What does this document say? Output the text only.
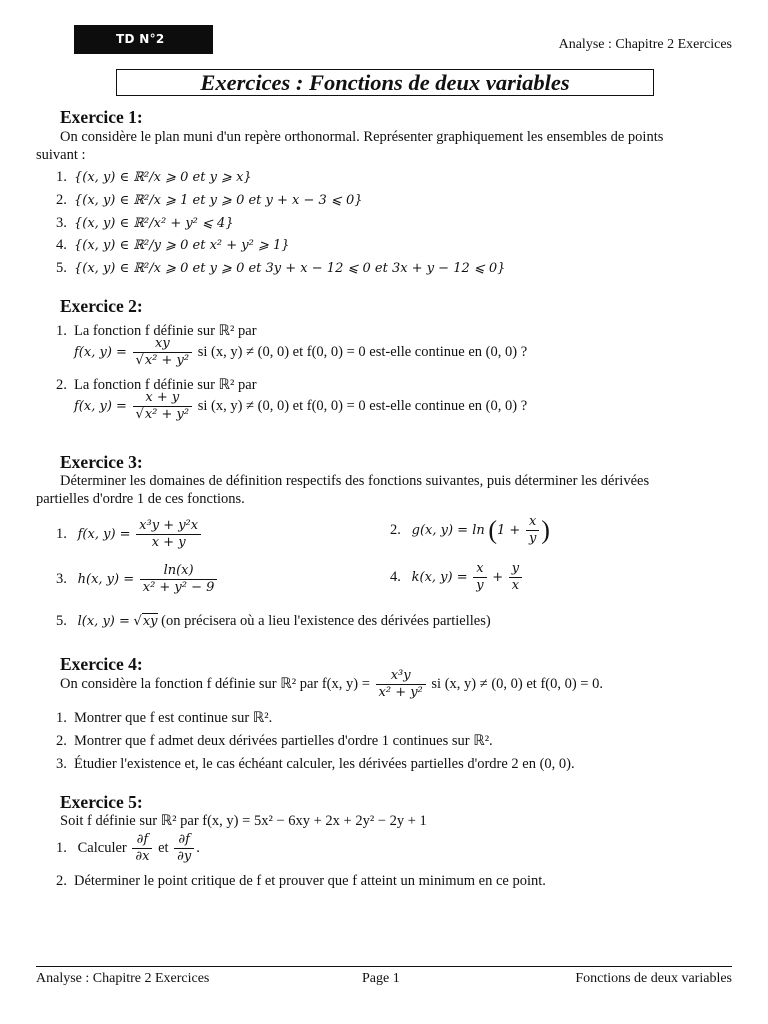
TD N°2	Analyse : Chapitre 2 Exercices
Exercices : Fonctions de deux variables
Exercice 1:
On considère le plan muni d'un repère orthonormal. Représenter graphiquement les ensembles de points
suivant :
1. {(x, y) ∈ ℝ²/x ⩾ 0 et y ⩾ x}
2. {(x, y) ∈ ℝ²/x ⩾ 1 et y ⩾ 0 et y + x − 3 ⩽ 0}
3. {(x, y) ∈ ℝ²/x² + y² ⩽ 4}
4. {(x, y) ∈ ℝ²/y ⩾ 0 et x² + y² ⩾ 1}
5. {(x, y) ∈ ℝ²/x ⩾ 0 et y ⩾ 0 et 3y + x − 12 ⩽ 0 et 3x + y − 12 ⩽ 0}
Exercice 2:
1. La fonction f définie sur ℝ² par
f(x, $y) = \frac{xy}{\text{√x² + y²}}$ si (x, y) ≠ (0, 0) et f(0, 0) = 0 est-elle continue en (0, 0) ?
2. La fonction f définie sur ℝ² par
f(x, $y) = \frac{x + y}{\text{√x² + y²}}$ si (x, y) ≠ (0, 0) et f(0, 0) = 0 est-elle continue en (0, 0) ?
Exercice 3:
Déterminer les domaines de définition respectifs des fonctions suivantes, puis déterminer les dérivées
partielles d'ordre 1 de ces fonctions.
1. f(x, $y) = \frac{\text{x³y + y²x}}{x + y}$	2. g(x, $y) = \ln (1 + \frac{x}{y}$ )
3. h(x, $y) = \frac{\ln(x)}{\text{x² + y² − 9}}$	4. k(x, $y) = \frac{x}{y} + \frac{y}{x}$
5. l(x, y) = √xy (on précisera où a lieu l'existence des dérivées partielles)
Exercice 4:
On considère la fonction f définie sur ℝ² par f(x, $y) = \frac{\text{x³y}}{\text{x² + y²}}$ si (x, y) ≠ (0, 0) et f(0, 0) = 0.
1. Montrer que f est continue sur ℝ².
2. Montrer que f admet deux dérivées partielles d'ordre 1 continues sur ℝ².
3. Étudier l'existence et, le cas échéant calculer, les dérivées partielles d'ordre 2 en (0, 0).
Exercice 5:
Soit f définie sur ℝ² par f(x, y) = 5x² − 6xy + 2x + 2y² − 2y + 1
1. Calculer $\frac{\partial f}{\partial x}$ et $\frac{\partial f}{\partial y}$ .
2. Déterminer le point critique de f et prouver que f atteint un minimum en ce point.
Analyse : Chapitre 2 Exercices	Page 1	Fonctions de deux variables
